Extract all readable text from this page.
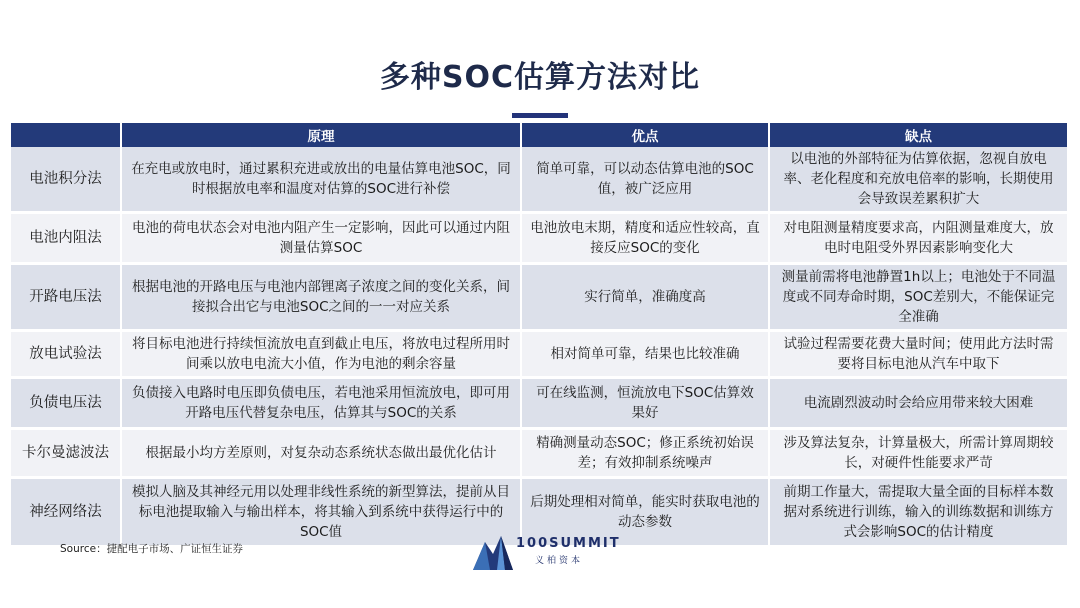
多种SOC估算方法对比
	原理	优点	缺点
电池积分法	在充电或放电时，通过累积充进或放出的电量估算电池SOC，同时根据放电率和温度对估算的SOC进行补偿	简单可靠，可以动态估算电池的SOC值，被广泛应用	以电池的外部特征为估算依据，忽视自放电率、老化程度和充放电倍率的影响，长期使用会导致误差累积扩大
电池内阻法	电池的荷电状态会对电池内阻产生一定影响，因此可以通过内阻测量估算SOC	电池放电末期，精度和适应性较高，直接反应SOC的变化	对电阻测量精度要求高，内阻测量难度大，放电时电阻受外界因素影响变化大
开路电压法	根据电池的开路电压与电池内部锂离子浓度之间的变化关系，间接拟合出它与电池SOC之间的一一对应关系	实行简单，准确度高	测量前需将电池静置1h以上；电池处于不同温度或不同寿命时期，SOC差别大，不能保证完全准确
放电试验法	将目标电池进行持续恒流放电直到截止电压，将放电过程所用时间乘以放电电流大小值，作为电池的剩余容量	相对简单可靠，结果也比较准确	试验过程需要花费大量时间；使用此方法时需要将目标电池从汽车中取下
负债电压法	负债接入电路时电压即负债电压，若电池采用恒流放电，即可用开路电压代替复杂电压，估算其与SOC的关系	可在线监测，恒流放电下SOC估算效果好	电流剧烈波动时会给应用带来较大困难
卡尔曼滤波法	根据最小均方差原则，对复杂动态系统状态做出最优化估计	精确测量动态SOC；修正系统初始误差；有效抑制系统噪声	涉及算法复杂，计算量极大，所需计算周期较长，对硬件性能要求严苛
神经网络法	模拟人脑及其神经元用以处理非线性系统的新型算法，提前从目标电池提取输入与输出样本，将其输入到系统中获得运行中的SOC值	后期处理相对简单，能实时获取电池的动态参数	前期工作量大，需提取大量全面的目标样本数据对系统进行训练，输入的训练数据和训练方式会影响SOC的估计精度
Source：捷配电子市场、广证恒生证券	100SUMMIT
义柏资本
